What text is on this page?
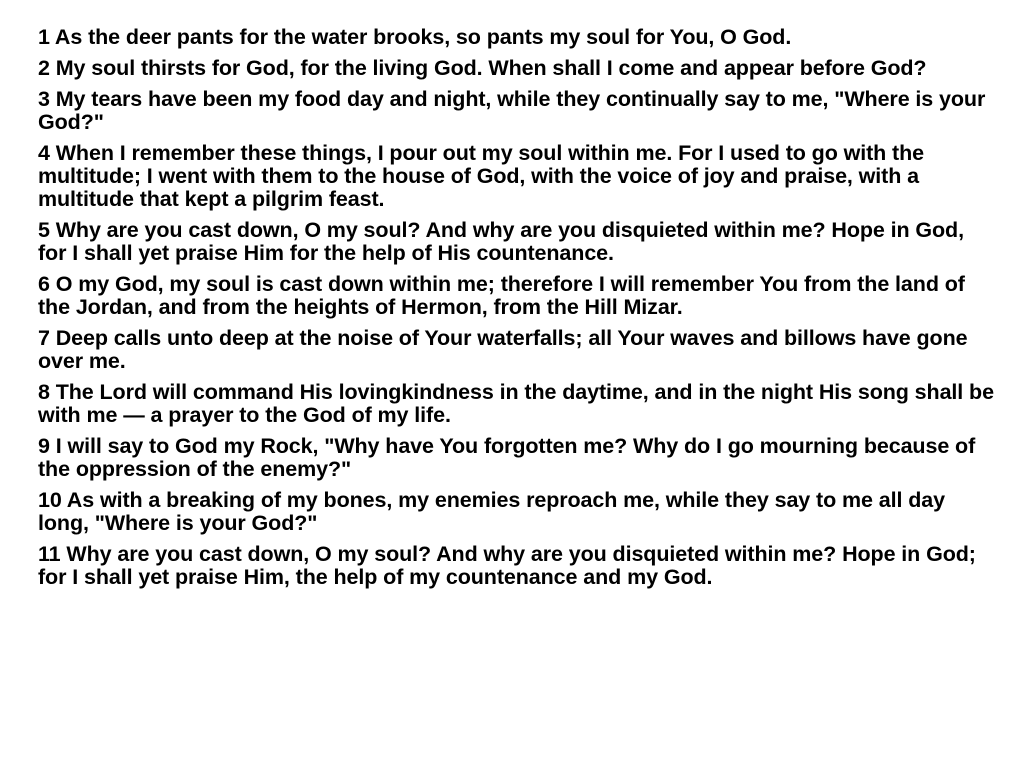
1 As the deer pants for the water brooks, so pants my soul for You, O God.

2 My soul thirsts for God, for the living God. When shall I come and appear before God?

3 My tears have been my food day and night, while they continually say to me, "Where is your God?"

4 When I remember these things, I pour out my soul within me. For I used to go with the multitude; I went with them to the house of God, with the voice of joy and praise, with a multitude that kept a pilgrim feast.

5 Why are you cast down, O my soul? And why are you disquieted within me? Hope in God, for I shall yet praise Him for the help of His countenance.

6 O my God, my soul is cast down within me; therefore I will remember You from the land of the Jordan, and from the heights of Hermon, from the Hill Mizar.

7 Deep calls unto deep at the noise of Your waterfalls; all Your waves and billows have gone over me.

8 The Lord will command His lovingkindness in the daytime, and in the night His song shall be with me — a prayer to the God of my life.

9 I will say to God my Rock, "Why have You forgotten me? Why do I go mourning because of the oppression of the enemy?"

10 As with a breaking of my bones, my enemies reproach me, while they say to me all day long, "Where is your God?"

11 Why are you cast down, O my soul? And why are you disquieted within me? Hope in God; for I shall yet praise Him, the help of my countenance and my God.
